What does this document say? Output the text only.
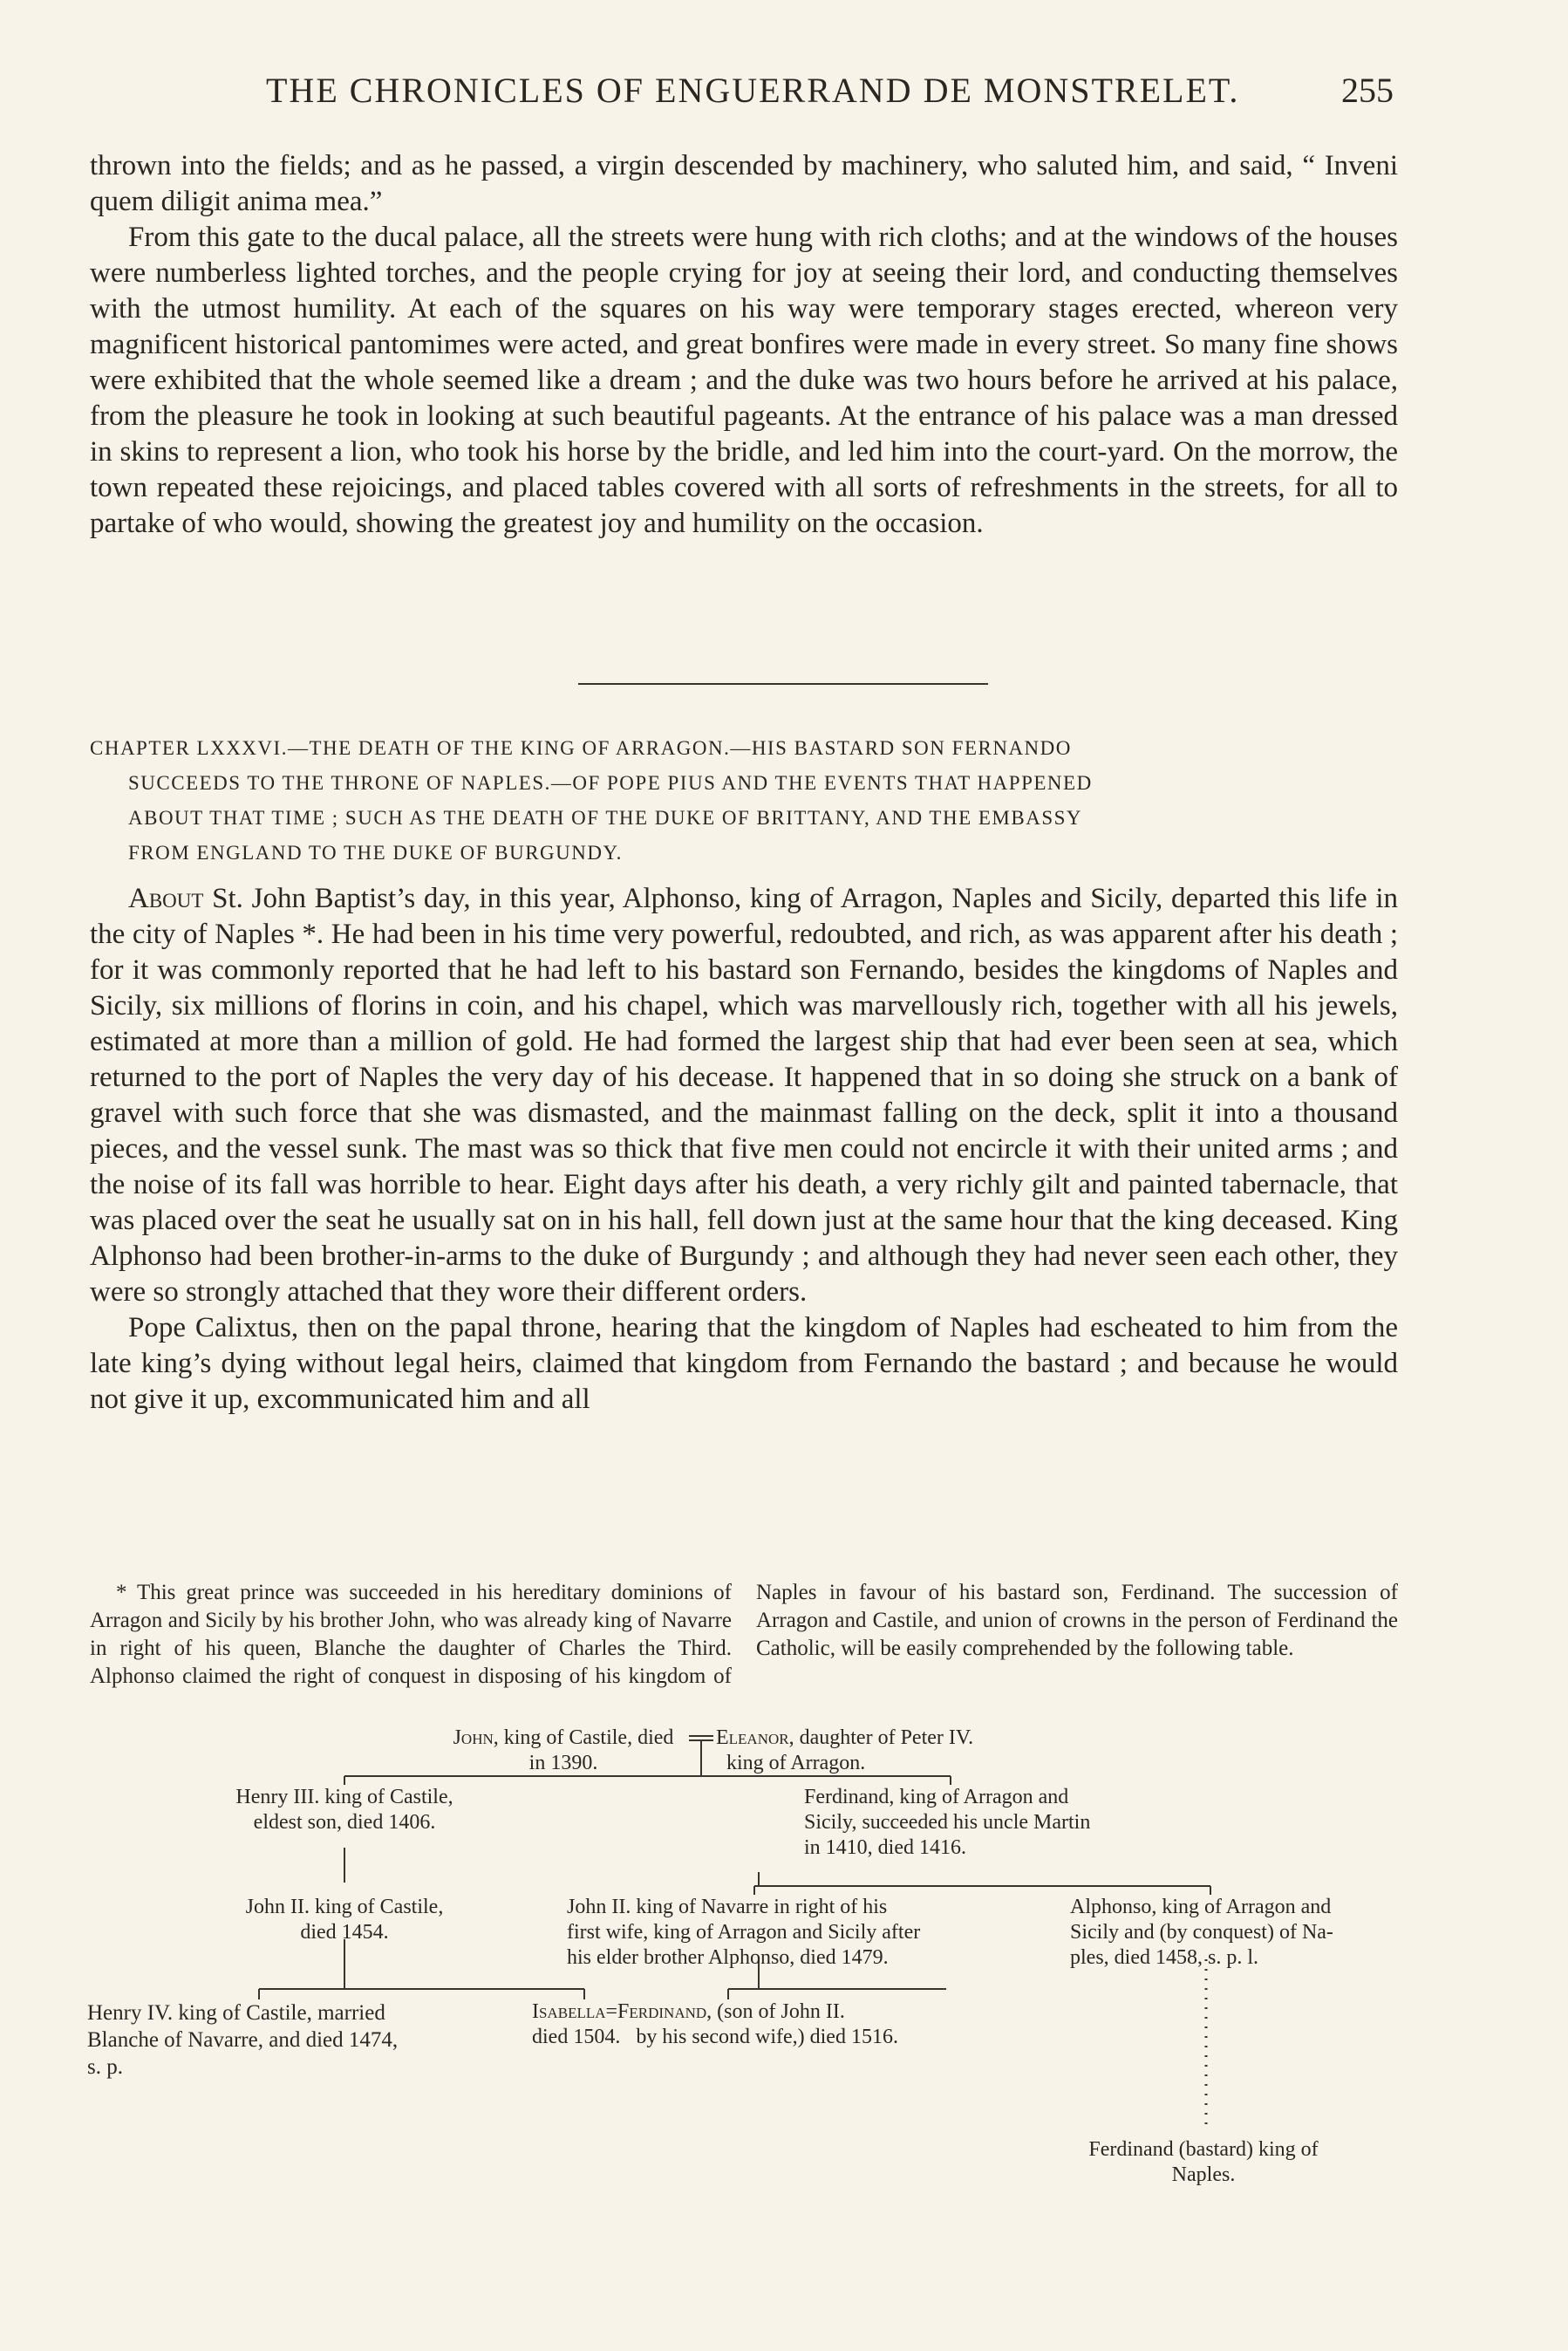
THE CHRONICLES OF ENGUERRAND DE MONSTRELET.	255

thrown into the fields; and as he passed, a virgin descended by machinery, who saluted him, and said, “ Inveni quem diligit anima mea.”

From this gate to the ducal palace, all the streets were hung with rich cloths; and at the windows of the houses were numberless lighted torches, and the people crying for joy at seeing their lord, and conducting themselves with the utmost humility. At each of the squares on his way were temporary stages erected, whereon very magnificent historical pantomimes were acted, and great bonfires were made in every street. So many fine shows were exhibited that the whole seemed like a dream ; and the duke was two hours before he arrived at his palace, from the pleasure he took in looking at such beautiful pageants. At the entrance of his palace was a man dressed in skins to represent a lion, who took his horse by the bridle, and led him into the court-yard. On the morrow, the town repeated these rejoicings, and placed tables covered with all sorts of refreshments in the streets, for all to partake of who would, showing the greatest joy and humility on the occasion.

CHAPTER LXXXVI.—THE DEATH OF THE KING OF ARRAGON.—HIS BASTARD SON FERNANDO
SUCCEEDS TO THE THRONE OF NAPLES.—OF POPE PIUS AND THE EVENTS THAT HAPPENED
ABOUT THAT TIME ; SUCH AS THE DEATH OF THE DUKE OF BRITTANY, AND THE EMBASSY
FROM ENGLAND TO THE DUKE OF BURGUNDY.

About St. John Baptist’s day, in this year, Alphonso, king of Arragon, Naples and Sicily, departed this life in the city of Naples *. He had been in his time very powerful, redoubted, and rich, as was apparent after his death ; for it was commonly reported that he had left to his bastard son Fernando, besides the kingdoms of Naples and Sicily, six millions of florins in coin, and his chapel, which was marvellously rich, together with all his jewels, estimated at more than a million of gold. He had formed the largest ship that had ever been seen at sea, which returned to the port of Naples the very day of his decease. It happened that in so doing she struck on a bank of gravel with such force that she was dismasted, and the mainmast falling on the deck, split it into a thousand pieces, and the vessel sunk. The mast was so thick that five men could not encircle it with their united arms ; and the noise of its fall was horrible to hear. Eight days after his death, a very richly gilt and painted tabernacle, that was placed over the seat he usually sat on in his hall, fell down just at the same hour that the king deceased. King Alphonso had been brother-in-arms to the duke of Burgundy ; and although they had never seen each other, they were so strongly attached that they wore their different orders.

Pope Calixtus, then on the papal throne, hearing that the kingdom of Naples had escheated to him from the late king’s dying without legal heirs, claimed that kingdom from Fernando the bastard ; and because he would not give it up, excommunicated him and all

* This great prince was succeeded in his hereditary dominions of Arragon and Sicily by his brother John, who was already king of Navarre in right of his queen, Blanche the daughter of Charles the Third. Alphonso claimed the right of conquest in disposing of his kingdom of Naples in favour of his bastard son, Ferdinand. The succession of Arragon and Castile, and union of crowns in the person of Ferdinand the Catholic, will be easily comprehended by the following table.

John, king of Castile, died
in 1390.
Eleanor, daughter of Peter IV.
king of Arragon.
Henry III. king of Castile,
eldest son, died 1406.
Ferdinand, king of Arragon and
Sicily, succeeded his uncle Martin
in 1410, died 1416.
John II. king of Castile,
died 1454.
John II. king of Navarre in right of his
first wife, king of Arragon and Sicily after
his elder brother Alphonso, died 1479.
Alphonso, king of Arragon and
Sicily and (by conquest) of Na-
ples, died 1458, s. p. l.
Henry IV. king of Castile, married
Blanche of Navarre, and died 1474,
s. p.
Isabella=Ferdinand, (son of John II.
died 1504. by his second wife,) died 1516.
Ferdinand (bastard) king of
Naples.
